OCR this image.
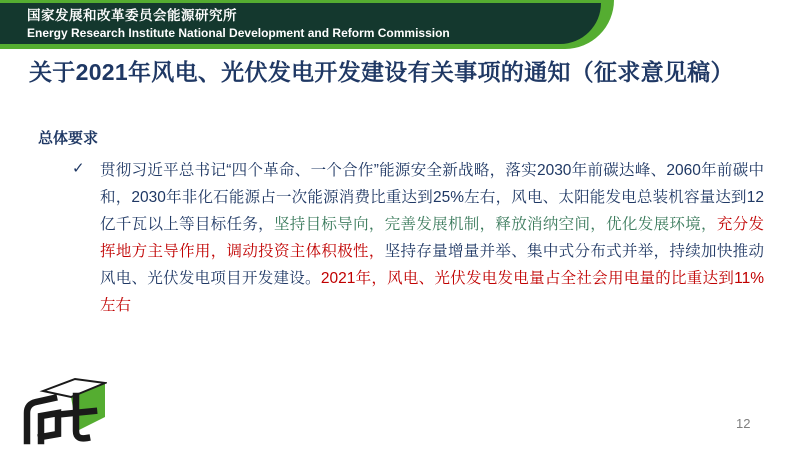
国家发展和改革委员会能源研究所
Energy Research Institute National Development and Reform Commission
关于2021年风电、光伏发电开发建设有关事项的通知（征求意见稿）
总体要求
✓ 贯彻习近平总书记“四个革命、一个合作”能源安全新战略，落实2030年前碳达峰、2060年前碳中和，2030年非化石能源占一次能源消费比重达到25%左右，风电、太阳能发电总装机容量达到12亿千瓦以上等目标任务，坚持目标导向，完善发展机制，释放消纳空间，优化发展环境，充分发挥地方主导作用，调动投资主体积极性，坚持存量增量并举、集中式分布式并举，持续加快推动风电、光伏发电项目开发建设。2021年，风电、光伏发电发电量占全社会用电量的比重达到11%左右
12
